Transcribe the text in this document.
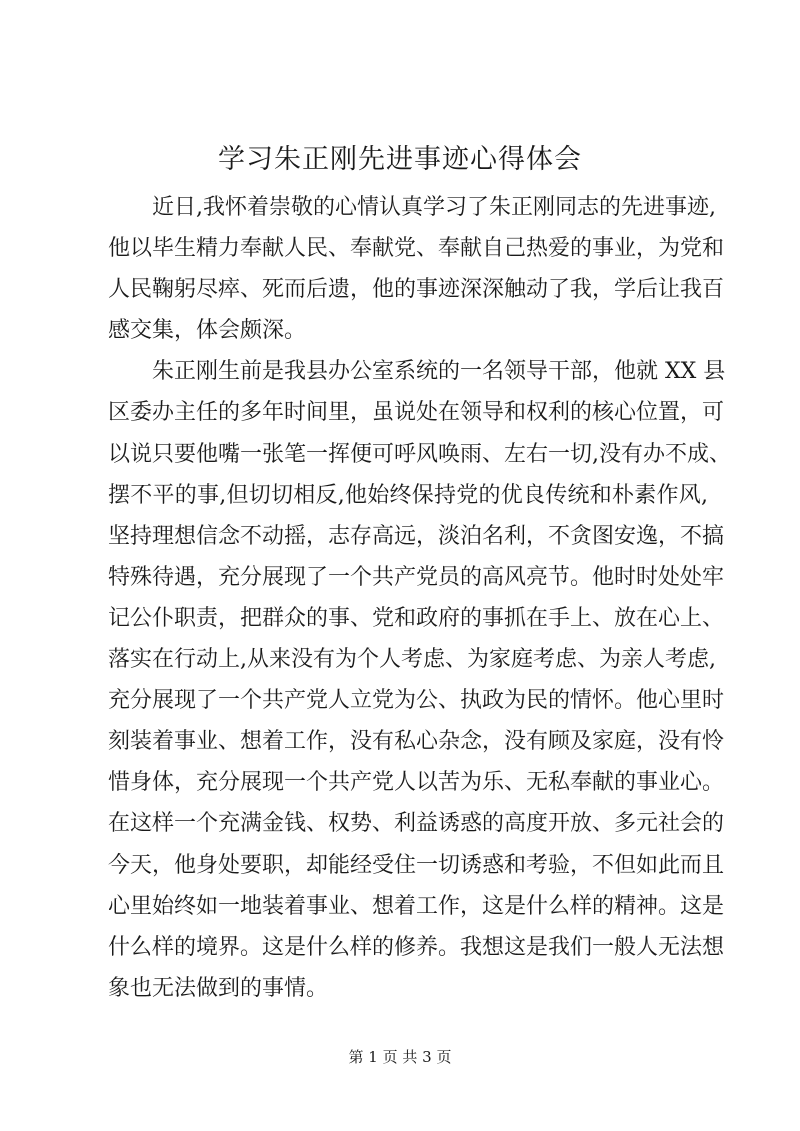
学习朱正刚先进事迹心得体会
近日,我怀着崇敬的心情认真学习了朱正刚同志的先进事迹,
他以毕生精力奉献人民、奉献党、奉献自己热爱的事业，为党和
人民鞠躬尽瘁、死而后遗，他的事迹深深触动了我，学后让我百
感交集，体会颇深。
朱正刚生前是我县办公室系统的一名领导干部，他就 XX 县
区委办主任的多年时间里，虽说处在领导和权利的核心位置，可
以说只要他嘴一张笔一挥便可呼风唤雨、左右一切,没有办不成、
摆不平的事,但切切相反,他始终保持党的优良传统和朴素作风,
坚持理想信念不动摇，志存高远，淡泊名利，不贪图安逸，不搞
特殊待遇，充分展现了一个共产党员的高风亮节。他时时处处牢
记公仆职责，把群众的事、党和政府的事抓在手上、放在心上、
落实在行动上,从来没有为个人考虑、为家庭考虑、为亲人考虑,
充分展现了一个共产党人立党为公、执政为民的情怀。他心里时
刻装着事业、想着工作，没有私心杂念，没有顾及家庭，没有怜
惜身体，充分展现一个共产党人以苦为乐、无私奉献的事业心。
在这样一个充满金钱、权势、利益诱惑的高度开放、多元社会的
今天，他身处要职，却能经受住一切诱惑和考验，不但如此而且
心里始终如一地装着事业、想着工作，这是什么样的精神。这是
什么样的境界。这是什么样的修养。我想这是我们一般人无法想
象也无法做到的事情。
第 1 页 共 3 页
